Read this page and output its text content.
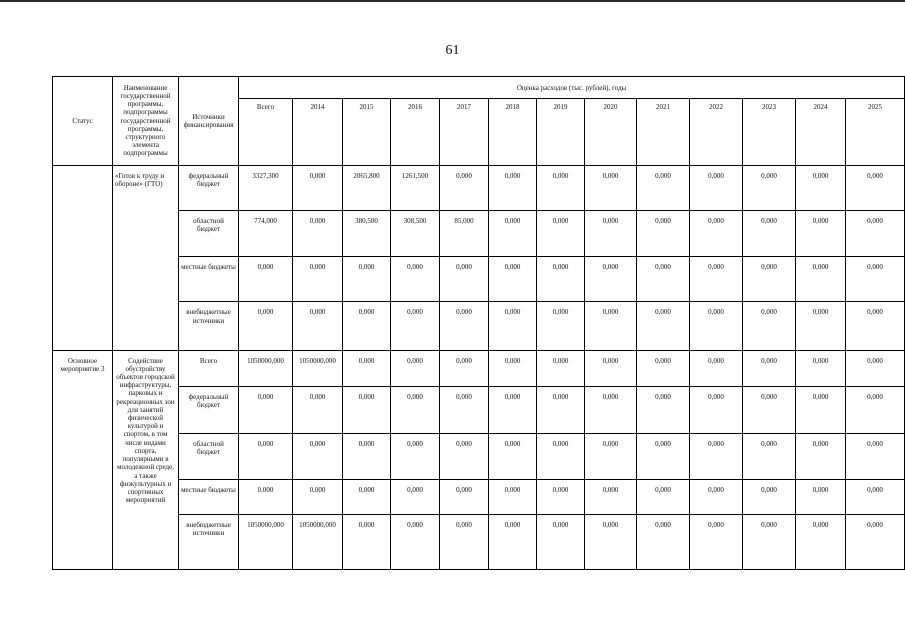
61
Статус	Наименование государственной программы, подпрограммы государственной программы, структурного элемента подпрограммы	Источники финансирования	Оценка расходов (тыс. рублей), годы												
			Всего	2014	2015	2016	2017	2018	2019	2020	2021	2022	2023	2024	2025
	«Готов к труду и обороне» (ГТО)	федеральный бюджет	3327,300	0,000	2065,800	1261,500	0,000	0,000	0,000	0,000	0,000	0,000	0,000	0,000	0,000
		областной бюджет	774,000	0,000	380,500	308,500	85,000	0,000	0,000	0,000	0,000	0,000	0,000	0,000	0,000
		местные бюджеты	0,000	0,000	0,000	0,000	0,000	0,000	0,000	0,000	0,000	0,000	0,000	0,000	0,000
		внебюджетные источники	0,000	0,000	0,000	0,000	0,000	0,000	0,000	0,000	0,000	0,000	0,000	0,000	0,000
Основное мероприятие 3	Содействие обустройству объектов городской инфраструктуры, парковых и рекреационных зон для занятий физической культурой и спортом, в том числе видами спорта, популярными в молодежной среде, а также физкультурных и спортивных мероприятий	Всего	1050000,000	1050000,000	0,000	0,000	0,000	0,000	0,000	0,000	0,000	0,000	0,000	0,000	0,000
		федеральный бюджет	0,000	0,000	0,000	0,000	0,000	0,000	0,000	0,000	0,000	0,000	0,000	0,000	0,000
		областной бюджет	0,000	0,000	0,000	0,000	0,000	0,000	0,000	0,000	0,000	0,000	0,000	0,000	0,000
		местные бюджеты	0,000	0,000	0,000	0,000	0,000	0,000	0,000	0,000	0,000	0,000	0,000	0,000	0,000
		внебюджетные источники	1050000,000	1050000,000	0,000	0,000	0,000	0,000	0,000	0,000	0,000	0,000	0,000	0,000	0,000
